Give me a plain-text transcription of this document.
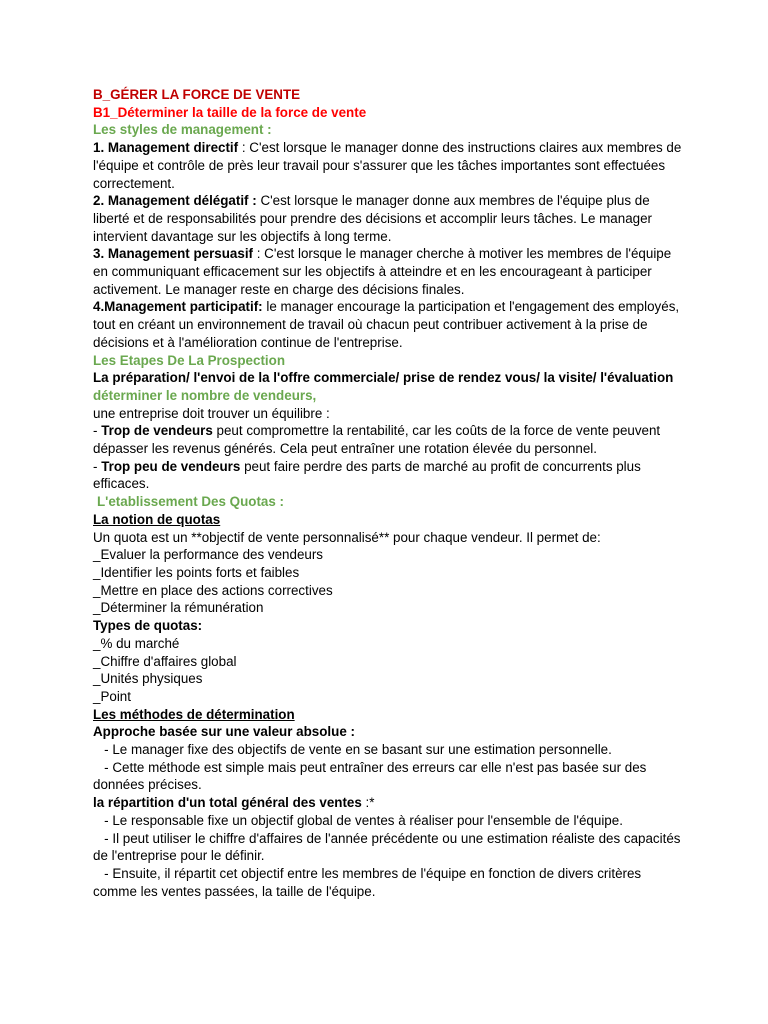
B_GÉRER LA FORCE DE VENTE

B1_Déterminer la taille de la force de vente

Les styles de management :

1. Management directif : C'est lorsque le manager donne des instructions claires aux membres de l'équipe et contrôle de près leur travail pour s'assurer que les tâches importantes sont effectuées correctement.

2. Management délégatif : C'est lorsque le manager donne aux membres de l'équipe plus de liberté et de responsabilités pour prendre des décisions et accomplir leurs tâches. Le manager intervient davantage sur les objectifs à long terme.

3. Management persuasif : C'est lorsque le manager cherche à motiver les membres de l'équipe en communiquant efficacement sur les objectifs à atteindre et en les encourageant à participer activement. Le manager reste en charge des décisions finales.

4.Management participatif: le manager encourage la participation et l'engagement des employés, tout en créant un environnement de travail où chacun peut contribuer activement à la prise de décisions et à l'amélioration continue de l'entreprise.

Les Etapes De La Prospection

La préparation/ l'envoi de la l'offre commerciale/ prise de rendez vous/ la visite/ l'évaluation

déterminer le nombre de vendeurs,

une entreprise doit trouver un équilibre :

- Trop de vendeurs peut compromettre la rentabilité, car les coûts de la force de vente peuvent dépasser les revenus générés. Cela peut entraîner une rotation élevée du personnel.

- Trop peu de vendeurs peut faire perdre des parts de marché au profit de concurrents plus efficaces.

L'etablissement Des Quotas :

La notion de quotas

Un quota est un **objectif de vente personnalisé** pour chaque vendeur. Il permet de:

_Evaluer la performance des vendeurs

_Identifier les points forts et faibles

_Mettre en place des actions correctives

_Déterminer la rémunération

Types de quotas:

_% du marché

_Chiffre d'affaires global

_Unités physiques

_Point

Les méthodes de détermination

Approche basée sur une valeur absolue :

- Le manager fixe des objectifs de vente en se basant sur une estimation personnelle.

- Cette méthode est simple mais peut entraîner des erreurs car elle n'est pas basée sur des données précises.

la répartition d'un total général des ventes :*

- Le responsable fixe un objectif global de ventes à réaliser pour l'ensemble de l'équipe.

- Il peut utiliser le chiffre d'affaires de l'année précédente ou une estimation réaliste des capacités de l'entreprise pour le définir.

- Ensuite, il répartit cet objectif entre les membres de l'équipe en fonction de divers critères comme les ventes passées, la taille de l'équipe.
